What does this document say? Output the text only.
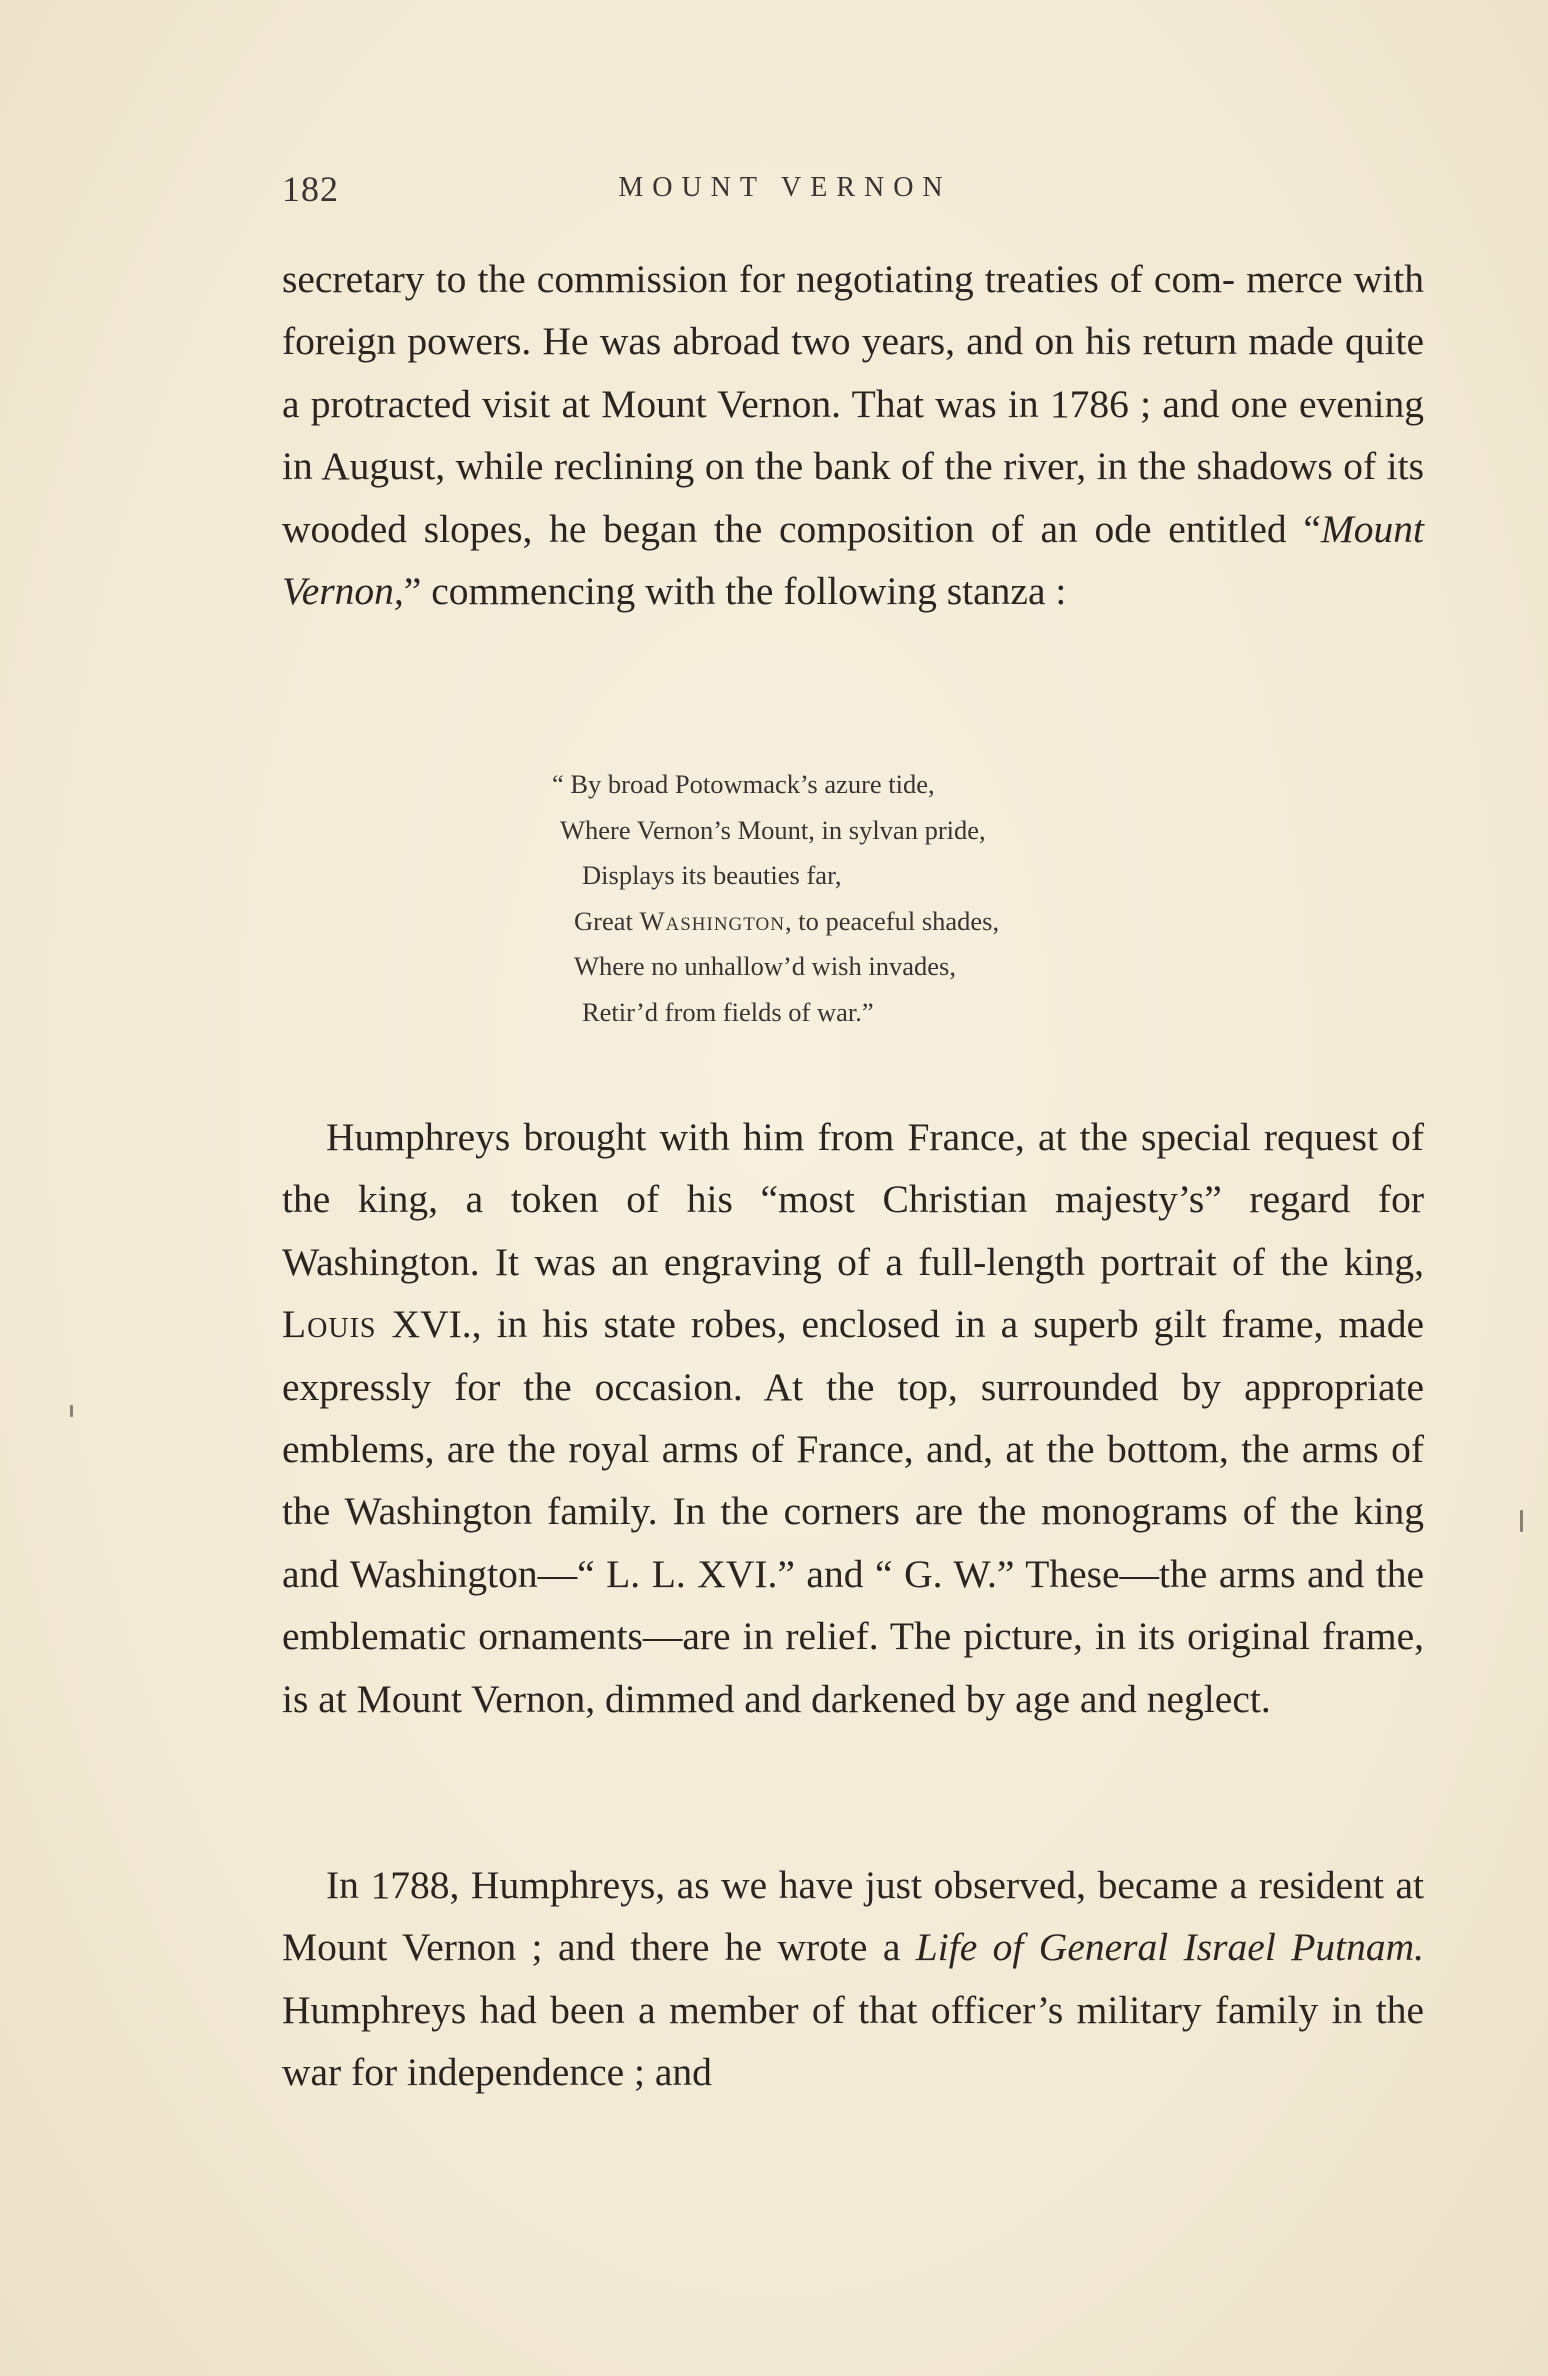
182	MOUNT VERNON
secretary to the commission for negotiating treaties of com- merce with foreign powers. He was abroad two years, and on his return made quite a protracted visit at Mount Vernon. That was in 1786 ; and one evening in August, while reclining on the bank of the river, in the shadows of its wooded slopes, he began the composition of an ode entitled “Mount Vernon,” commencing with the following stanza :
“ By broad Potowmack’s azure tide,
Where Vernon’s Mount, in sylvan pride,
Displays its beauties far,
Great Washington, to peaceful shades,
Where no unhallow’d wish invades,
Retir’d from fields of war.”
Humphreys brought with him from France, at the special request of the king, a token of his “most Christian majesty’s” regard for Washington. It was an engraving of a full-length portrait of the king, Louis XVI., in his state robes, enclosed in a superb gilt frame, made expressly for the occasion. At the top, surrounded by appropriate emblems, are the royal arms of France, and, at the bottom, the arms of the Washington family. In the corners are the monograms of the king and Washington—“ L. L. XVI.” and “ G. W.” These—the arms and the emblematic ornaments—are in relief. The picture, in its original frame, is at Mount Vernon, dimmed and darkened by age and neglect.
In 1788, Humphreys, as we have just observed, became a resident at Mount Vernon ; and there he wrote a Life of General Israel Putnam. Humphreys had been a member of that officer’s military family in the war for independence ; and
